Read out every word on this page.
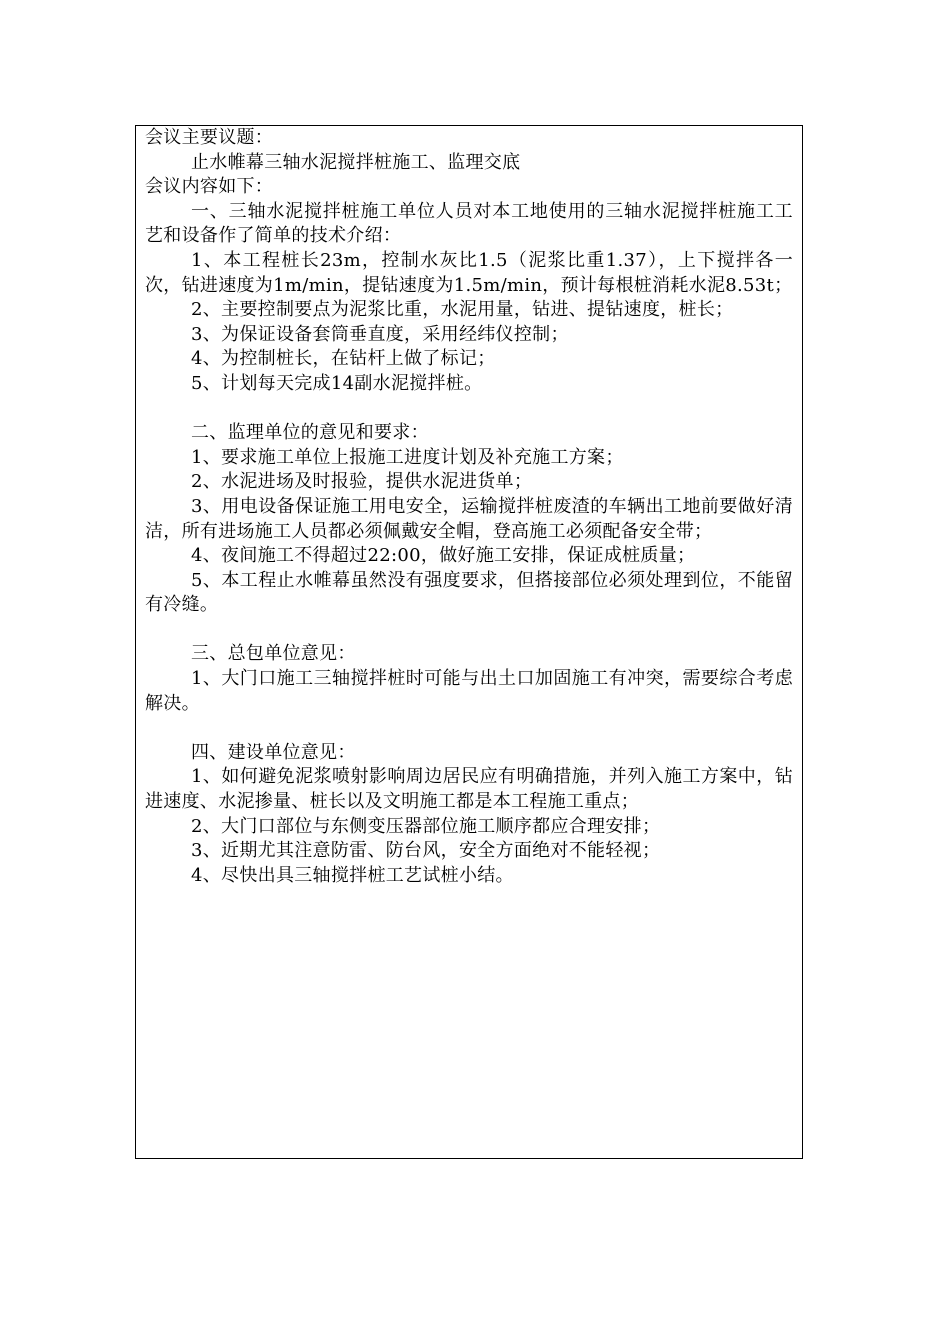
会议主要议题：

止水帷幕三轴水泥搅拌桩施工、监理交底

会议内容如下：

一、三轴水泥搅拌桩施工单位人员对本工地使用的三轴水泥搅拌桩施工工艺和设备作了简单的技术介绍：

1、本工程桩长23m，控制水灰比1.5（泥浆比重1.37），上下搅拌各一次，钻进速度为1m/min，提钻速度为1.5m/min，预计每根桩消耗水泥8.53t；

2、主要控制要点为泥浆比重，水泥用量，钻进、提钻速度，桩长；

3、为保证设备套筒垂直度，采用经纬仪控制；

4、为控制桩长，在钻杆上做了标记；

5、计划每天完成14副水泥搅拌桩。

二、监理单位的意见和要求：

1、要求施工单位上报施工进度计划及补充施工方案；

2、水泥进场及时报验，提供水泥进货单；

3、用电设备保证施工用电安全，运输搅拌桩废渣的车辆出工地前要做好清洁，所有进场施工人员都必须佩戴安全帽，登高施工必须配备安全带；

4、夜间施工不得超过22:00，做好施工安排，保证成桩质量；

5、本工程止水帷幕虽然没有强度要求，但搭接部位必须处理到位，不能留有冷缝。

三、总包单位意见：

1、大门口施工三轴搅拌桩时可能与出土口加固施工有冲突，需要综合考虑解决。

四、建设单位意见：

1、如何避免泥浆喷射影响周边居民应有明确措施，并列入施工方案中，钻进速度、水泥掺量、桩长以及文明施工都是本工程施工重点；

2、大门口部位与东侧变压器部位施工顺序都应合理安排；

3、近期尤其注意防雷、防台风，安全方面绝对不能轻视；

4、尽快出具三轴搅拌桩工艺试桩小结。
